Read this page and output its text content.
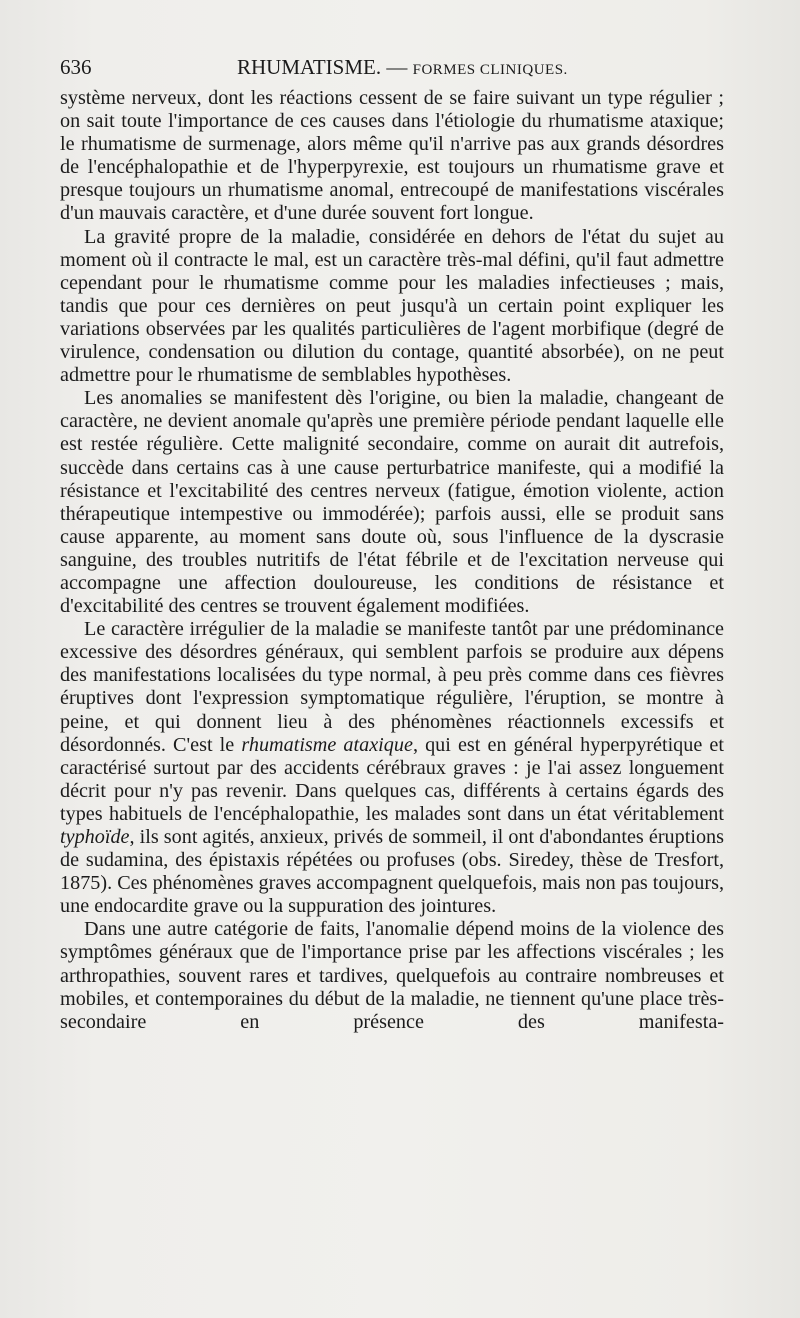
636	RHUMATISME. — FORMES CLINIQUES.

système nerveux, dont les réactions cessent de se faire suivant un type régulier ; on sait toute l'importance de ces causes dans l'étiologie du rhumatisme ataxique; le rhumatisme de surmenage, alors même qu'il n'arrive pas aux grands désordres de l'encéphalopathie et de l'hyperpyrexie, est toujours un rhumatisme grave et presque toujours un rhumatisme anomal, entrecoupé de manifestations viscérales d'un mauvais caractère, et d'une durée souvent fort longue.

La gravité propre de la maladie, considérée en dehors de l'état du sujet au moment où il contracte le mal, est un caractère très-mal défini, qu'il faut admettre cependant pour le rhumatisme comme pour les maladies infectieuses ; mais, tandis que pour ces dernières on peut jusqu'à un certain point expliquer les variations observées par les qualités particulières de l'agent morbifique (degré de virulence, condensation ou dilution du contage, quantité absorbée), on ne peut admettre pour le rhumatisme de semblables hypothèses.

Les anomalies se manifestent dès l'origine, ou bien la maladie, changeant de caractère, ne devient anomale qu'après une première période pendant laquelle elle est restée régulière. Cette malignité secondaire, comme on aurait dit autrefois, succède dans certains cas à une cause perturbatrice manifeste, qui a modifié la résistance et l'excitabilité des centres nerveux (fatigue, émotion violente, action thérapeutique intempestive ou immodérée); parfois aussi, elle se produit sans cause apparente, au moment sans doute où, sous l'influence de la dyscrasie sanguine, des troubles nutritifs de l'état fébrile et de l'excitation nerveuse qui accompagne une affection douloureuse, les conditions de résistance et d'excitabilité des centres se trouvent également modifiées.

Le caractère irrégulier de la maladie se manifeste tantôt par une prédominance excessive des désordres généraux, qui semblent parfois se produire aux dépens des manifestations localisées du type normal, à peu près comme dans ces fièvres éruptives dont l'expression symptomatique régulière, l'éruption, se montre à peine, et qui donnent lieu à des phénomènes réactionnels excessifs et désordonnés. C'est le rhumatisme ataxique, qui est en général hyperpyrétique et caractérisé surtout par des accidents cérébraux graves : je l'ai assez longuement décrit pour n'y pas revenir. Dans quelques cas, différents à certains égards des types habituels de l'encéphalopathie, les malades sont dans un état véritablement typhoïde, ils sont agités, anxieux, privés de sommeil, il ont d'abondantes éruptions de sudamina, des épistaxis répétées ou profuses (obs. Siredey, thèse de Tresfort, 1875). Ces phénomènes graves accompagnent quelquefois, mais non pas toujours, une endocardite grave ou la suppuration des jointures.

Dans une autre catégorie de faits, l'anomalie dépend moins de la violence des symptômes généraux que de l'importance prise par les affections viscérales ; les arthropathies, souvent rares et tardives, quelquefois au contraire nombreuses et mobiles, et contemporaines du début de la maladie, ne tiennent qu'une place très-secondaire en présence des manifesta-
